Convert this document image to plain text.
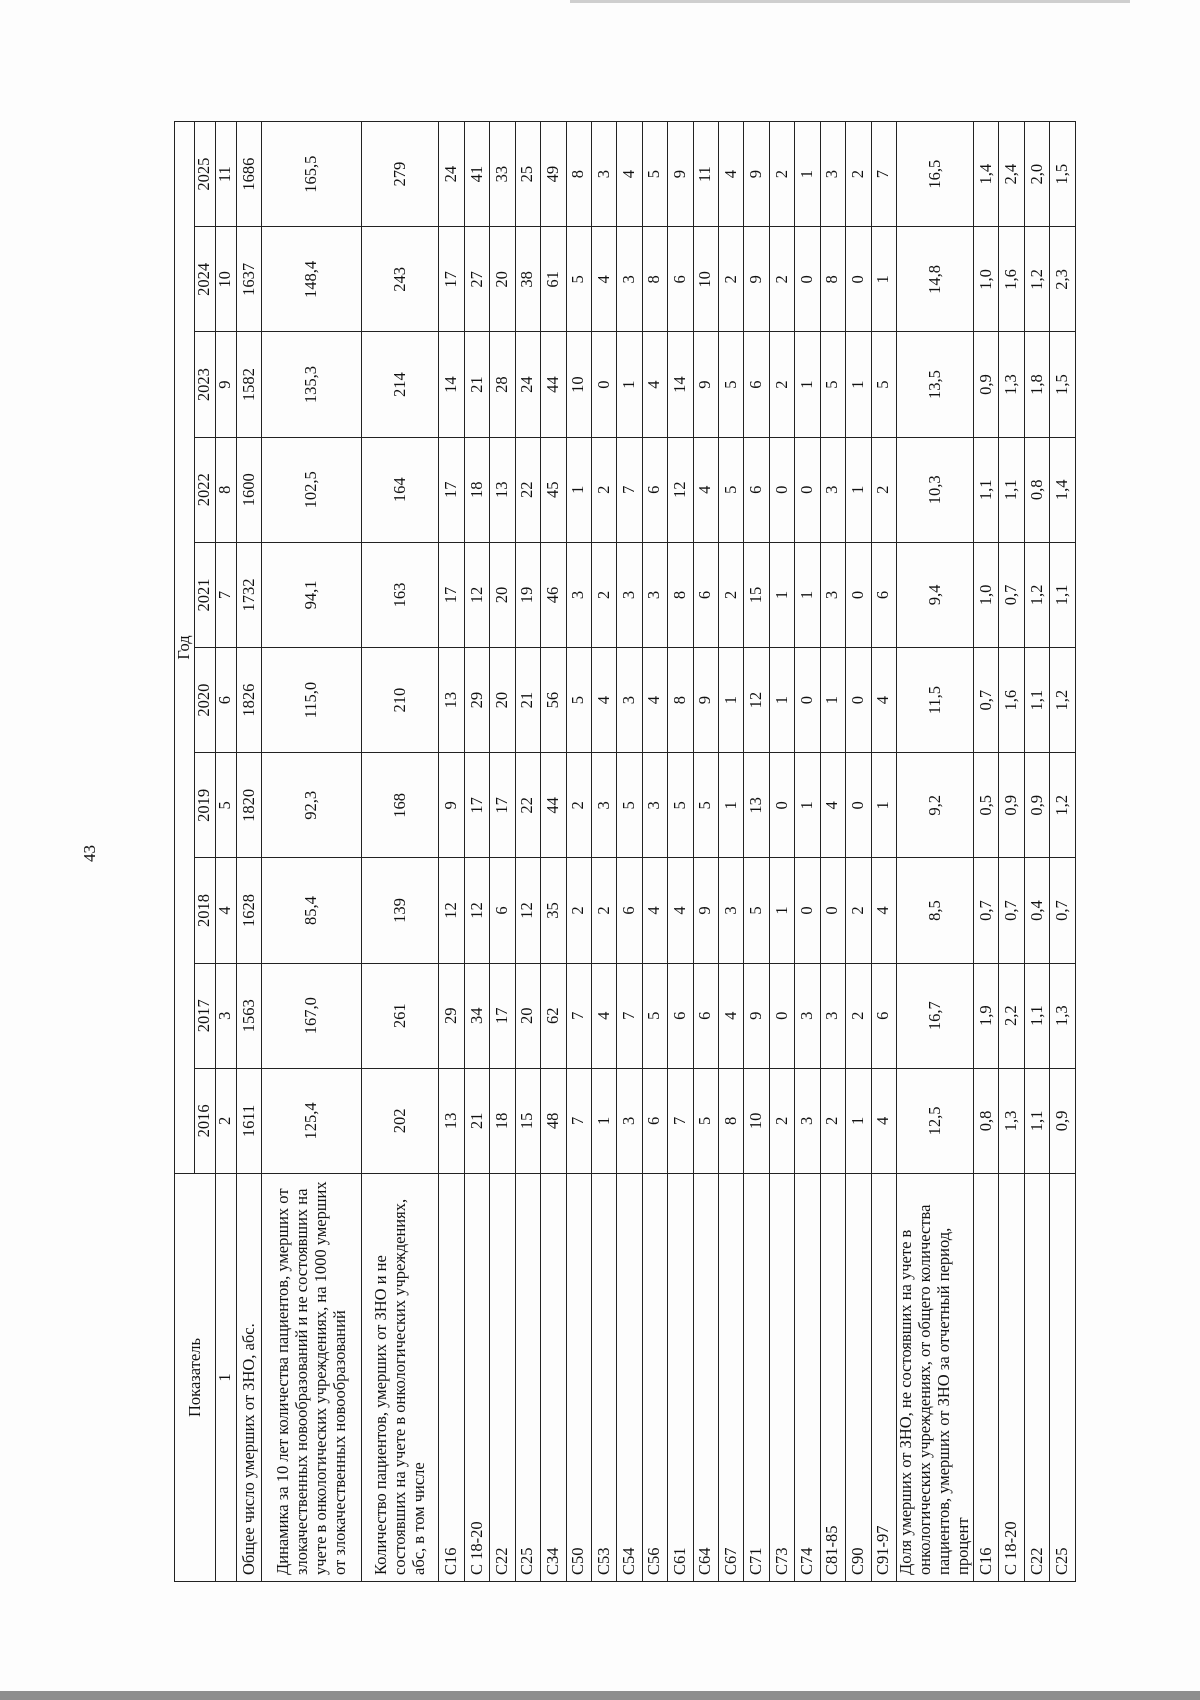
43
Показатель	Год									
	2016	2017	2018	2019	2020	2021	2022	2023	2024	2025
1	2	3	4	5	6	7	8	9	10	11
Общее число умерших от ЗНО, абс.	1611	1563	1628	1820	1826	1732	1600	1582	1637	1686
Динамика за 10 лет количества пациентов, умерших от злокачественных новообразований и не состоявших на учете в онкологических учреждениях, на 1000 умерших от злокачественных новообразований	125,4	167,0	85,4	92,3	115,0	94,1	102,5	135,3	148,4	165,5
Количество пациентов, умерших от ЗНО и не состоявших на учете в онкологических учреждениях, абс, в том числе	202	261	139	168	210	163	164	214	243	279
С16	13	29	12	9	13	17	17	14	17	24
С 18-20	21	34	12	17	29	12	18	21	27	41
С22	18	17	6	17	20	20	13	28	20	33
С25	15	20	12	22	21	19	22	24	38	25
С34	48	62	35	44	56	46	45	44	61	49
С50	7	7	2	2	5	3	1	10	5	8
С53	1	4	2	3	4	2	2	0	4	3
С54	3	7	6	5	3	3	7	1	3	4
С56	6	5	4	3	4	3	6	4	8	5
С61	7	6	4	5	8	8	12	14	6	9
С64	5	6	9	5	9	6	4	9	10	11
С67	8	4	3	1	1	2	5	5	2	4
С71	10	9	5	13	12	15	6	6	9	9
С73	2	0	1	0	1	1	0	2	2	2
С74	3	3	0	1	0	1	0	1	0	1
С81-85	2	3	0	4	1	3	3	5	8	3
С90	1	2	2	0	0	0	1	1	0	2
С91-97	4	6	4	1	4	6	2	5	1	7
Доля умерших от ЗНО, не состоявших на учете в онкологических учреждениях, от общего количества пациентов, умерших от ЗНО за отчетный период, процент	12,5	16,7	8,5	9,2	11,5	9,4	10,3	13,5	14,8	16,5
С16	0,8	1,9	0,7	0,5	0,7	1,0	1,1	0,9	1,0	1,4
С 18-20	1,3	2,2	0,7	0,9	1,6	0,7	1,1	1,3	1,6	2,4
С22	1,1	1,1	0,4	0,9	1,1	1,2	0,8	1,8	1,2	2,0
С25	0,9	1,3	0,7	1,2	1,2	1,1	1,4	1,5	2,3	1,5
